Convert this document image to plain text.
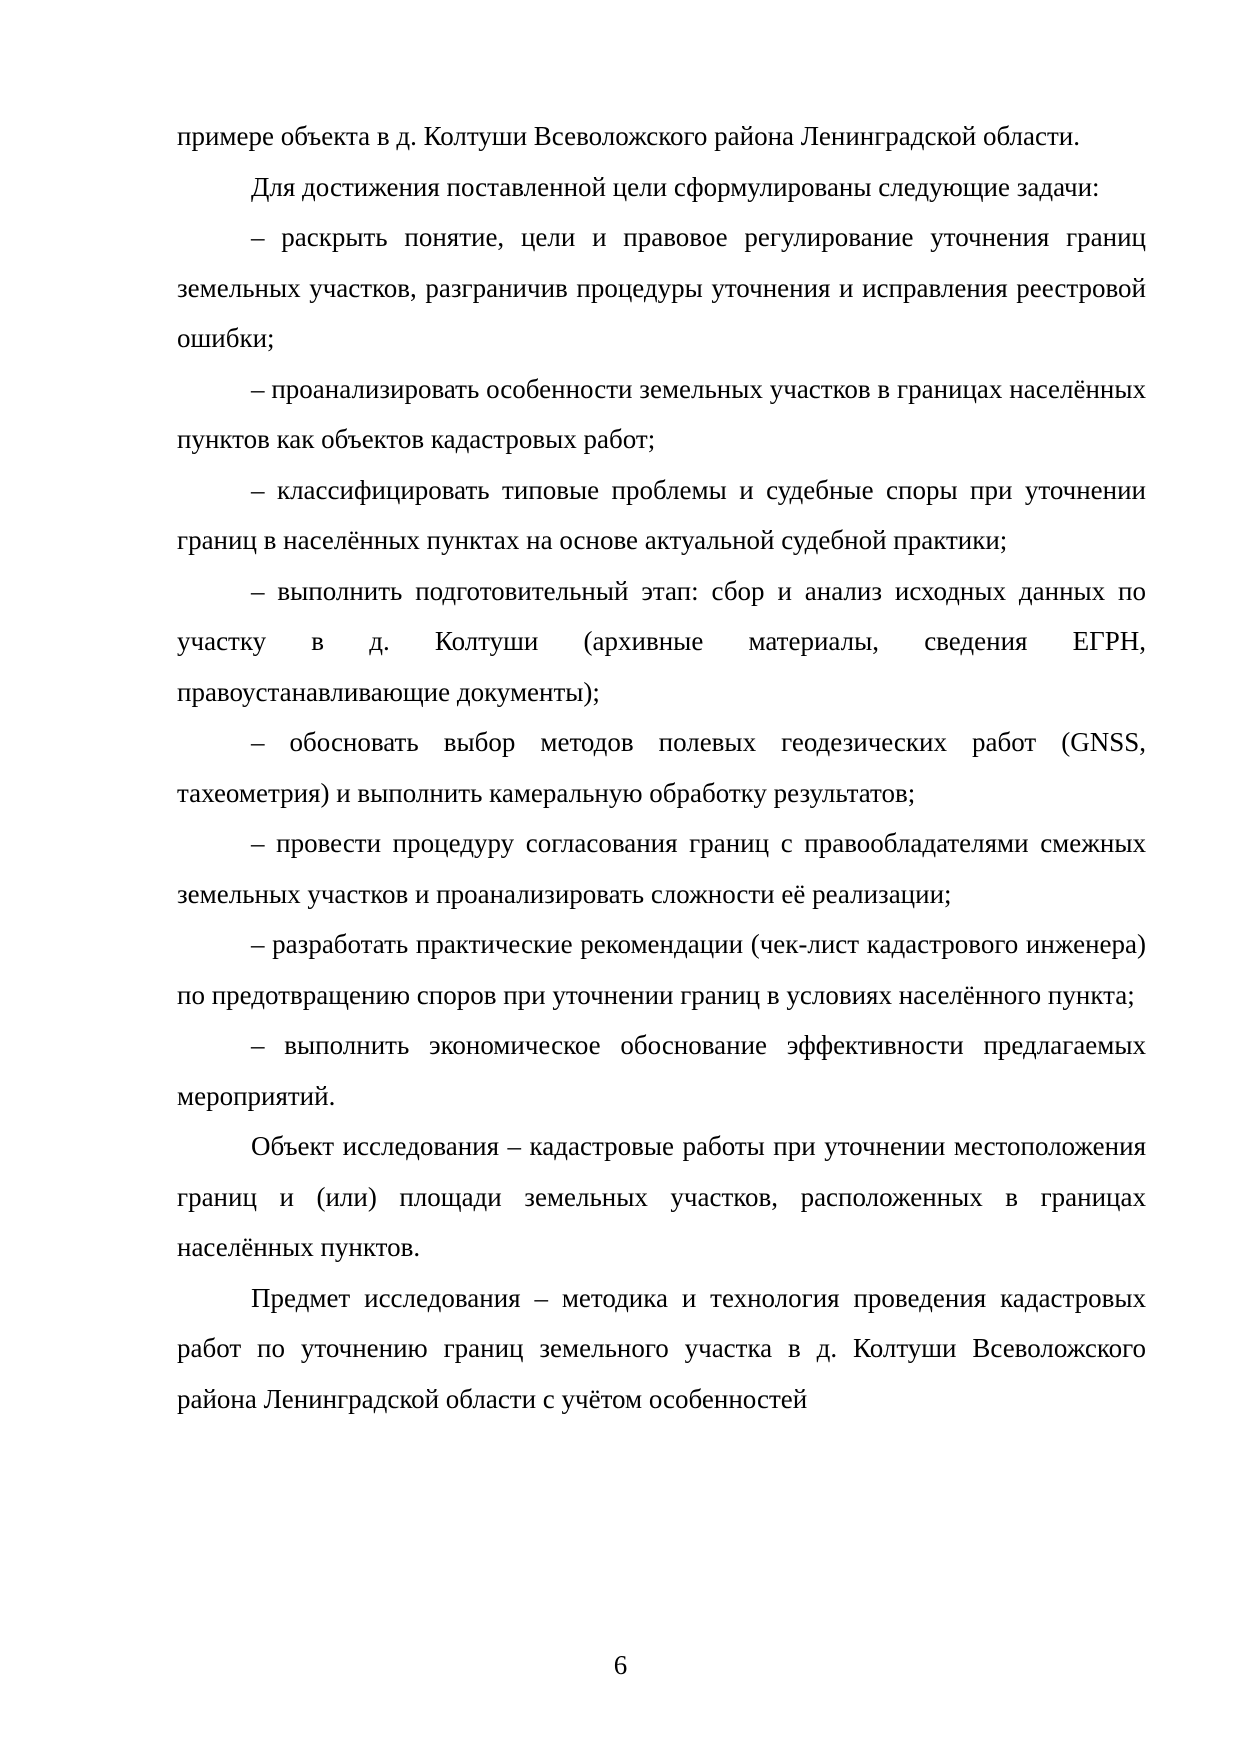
примере объекта в д. Колтуши Всеволожского района Ленинградской области.

Для достижения поставленной цели сформулированы следующие задачи:

– раскрыть понятие, цели и правовое регулирование уточнения границ земельных участков, разграничив процедуры уточнения и исправления реестровой ошибки;

– проанализировать особенности земельных участков в границах населённых пунктов как объектов кадастровых работ;

– классифицировать типовые проблемы и судебные споры при уточнении границ в населённых пунктах на основе актуальной судебной практики;

– выполнить подготовительный этап: сбор и анализ исходных данных по участку в д. Колтуши (архивные материалы, сведения ЕГРН, правоустанавливающие документы);

– обосновать выбор методов полевых геодезических работ (GNSS, тахеометрия) и выполнить камеральную обработку результатов;

– провести процедуру согласования границ с правообладателями смежных земельных участков и проанализировать сложности её реализации;

– разработать практические рекомендации (чек-лист кадастрового инженера) по предотвращению споров при уточнении границ в условиях населённого пункта;

– выполнить экономическое обоснование эффективности предлагаемых мероприятий.

Объект исследования – кадастровые работы при уточнении местоположения границ и (или) площади земельных участков, расположенных в границах населённых пунктов.

Предмет исследования – методика и технология проведения кадастровых работ по уточнению границ земельного участка в д. Колтуши Всеволожского района Ленинградской области с учётом особенностей

6
